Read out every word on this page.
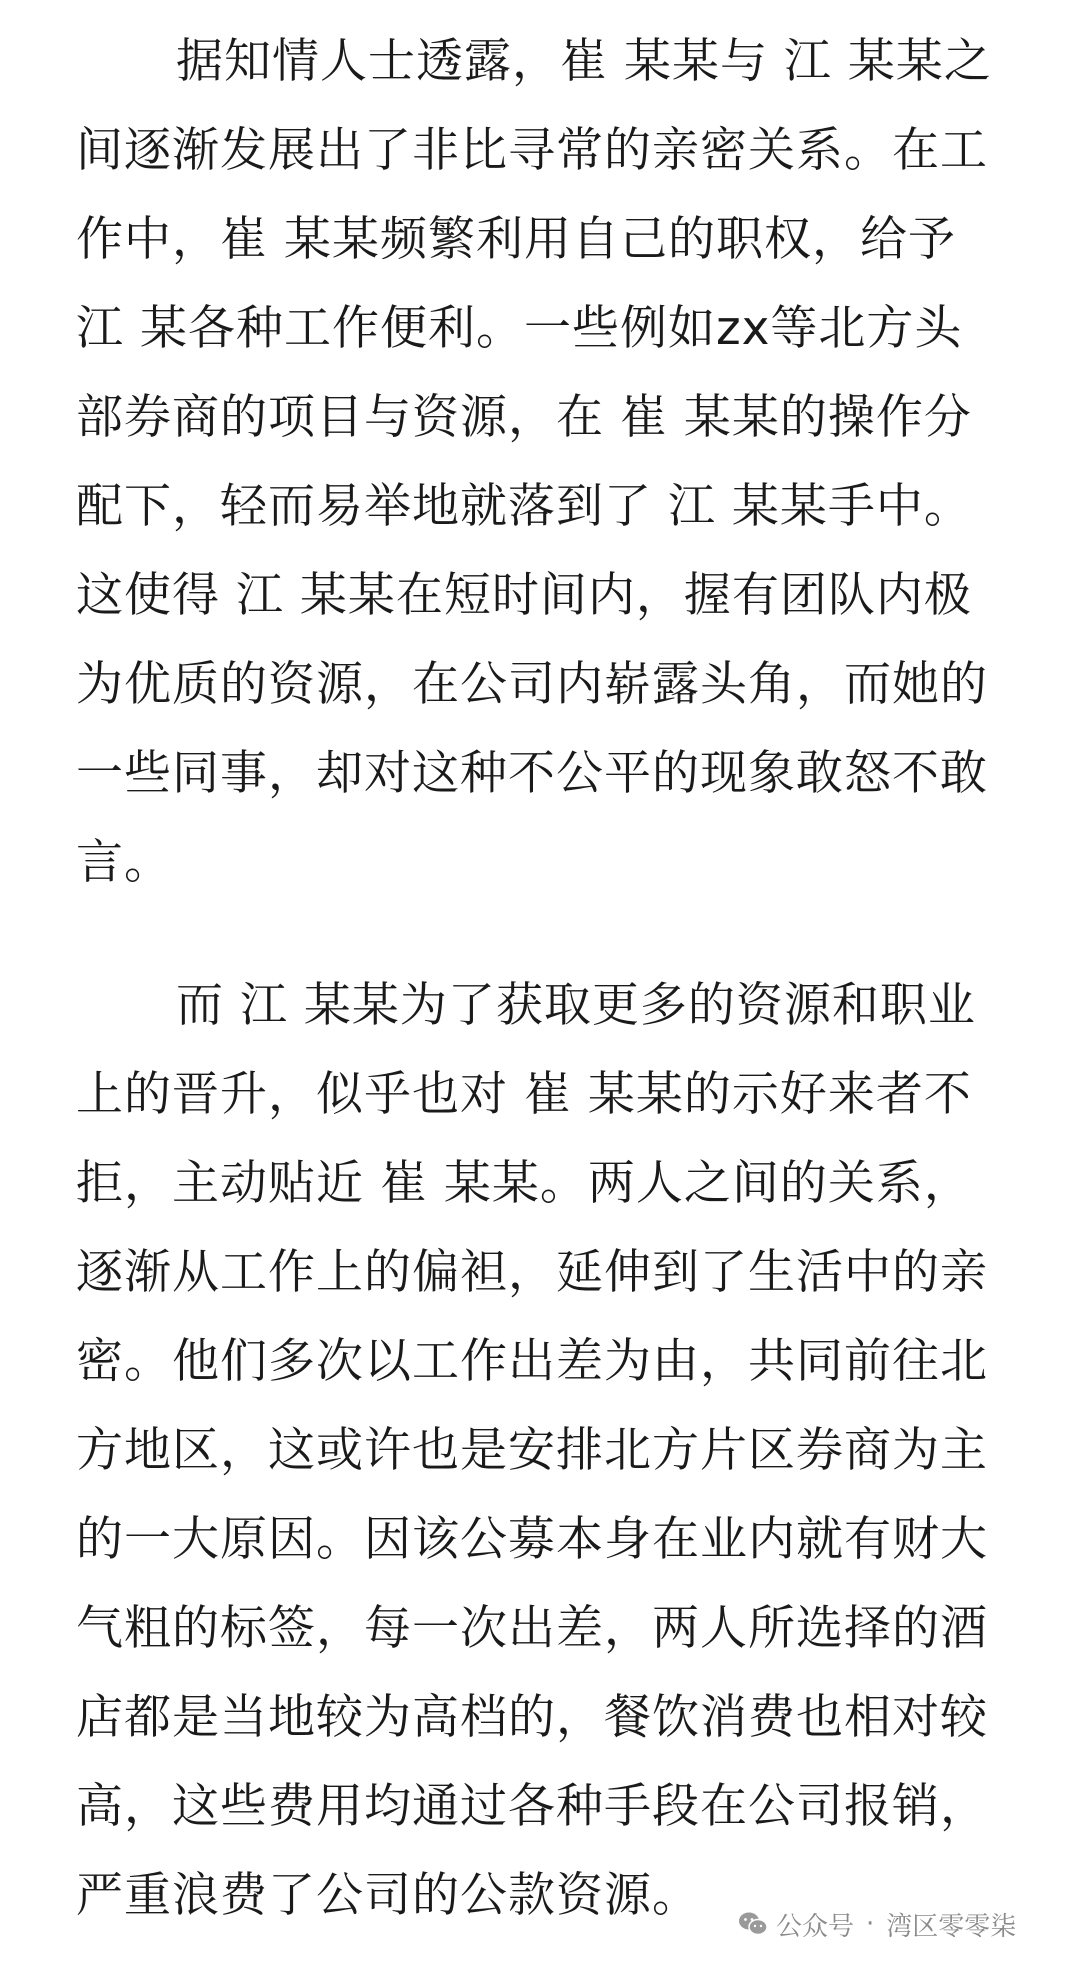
据知情人士透露，崔 某某与 江 某某之
间逐渐发展出了非比寻常的亲密关系。在工
作中，崔 某某频繁利用自己的职权，给予
江 某各种工作便利。一些例如zx等北方头
部券商的项目与资源，在 崔 某某的操作分
配下，轻而易举地就落到了 江 某某手中。
这使得 江 某某在短时间内，握有团队内极
为优质的资源，在公司内崭露头角，而她的
一些同事，却对这种不公平的现象敢怒不敢
言。
而 江 某某为了获取更多的资源和职业
上的晋升，似乎也对 崔 某某的示好来者不
拒，主动贴近 崔 某某。两人之间的关系，
逐渐从工作上的偏袒，延伸到了生活中的亲
密。他们多次以工作出差为由，共同前往北
方地区，这或许也是安排北方片区券商为主
的一大原因。因该公募本身在业内就有财大
气粗的标签，每一次出差，两人所选择的酒
店都是当地较为高档的，餐饮消费也相对较
高，这些费用均通过各种手段在公司报销，
严重浪费了公司的公款资源。
公众号 · 湾区零零柒
